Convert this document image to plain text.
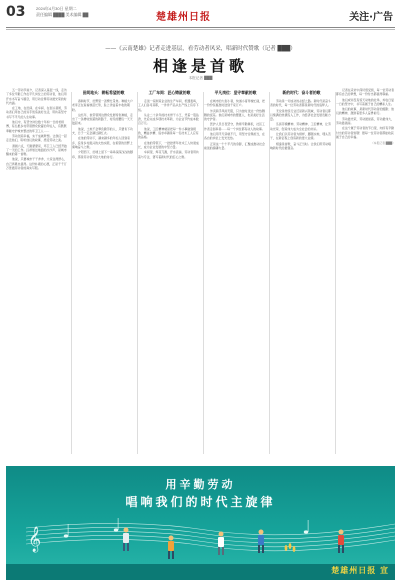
03	2024年4月30日 星期二
责任编辑 ████ 美术编辑 ██	楚雄州日报	关注·广告
——《云南楚雄》记者走进基层，看劳动者风采，唱新时代赞歌（记者 ███）
相逢是首歌
本报记者 ███
五一劳动节前夕，记者深入基层一线，走访了多位辛勤工作在平凡岗位上的劳动者，他们用汗水书写奋斗篇章，用行动诠释劳动最光荣的时代内涵。
在工地、在田间、在车间、在街头巷尾，劳动者们用自己的双手创造美好生活，用执着坚守书写不平凡的人生故事。
他们中，有坚守岗位数十年如一日的老师傅，有扎根乡村带领群众致富的年轻人，有默默奉献守护城市整洁的环卫工人……
劳动创造幸福，实干成就梦想。让我们一起走近他们，聆听他们的故事，感受劳动之美。
清晨六点，天刚蒙蒙亮，环卫工人已经开始了一天的工作。扫帚划过地面的沙沙声，是城市醒来的第一首歌。
他说，只要城市干干净净，大家住得舒心，自己再累也值得。这份朴素的心愿，正是千千万万普通劳动者的真实写照。
田间地头：耕耘希望的歌
春耕时节，田野里一派繁忙景象。种植大户老李正在查看秧苗长势，脸上洋溢着丰收的期盼。
这些年，他带领周边群众发展特色种植，走出了一条增收致富的新路子，村民的腰包一天天鼓起来。
他说，土地不会辜负勤劳的人，只要肯下功夫，日子一定会越过越红火。
在他的带动下，越来越多的年轻人回到家乡，投身乡村振兴的火热实践，在希望的田野上奏响奋斗之歌。
夕阳西下，田埂上留下一串串深深浅浅的脚印，那是劳动者写给大地的诗行。
工厂车间：匠心铸就的歌
走进一家制造企业的生产车间，机器轰鸣，工人们各司其职，一件件产品从生产线上有序下线。
从业二十余年的技术骨干小王，凭着一股钻劲，先后完成多项技术革新，为企业节约成本数百万元。
他说，工匠精神就是把每一件小事做到极致，精益求精、追求卓越是每一名技术工人应有的品格。
在他的带领下，一批批青年技术工人快速成长，成为企业发展的中坚力量。
车间里，焊花飞溅，汗水流淌，劳动者用执着与专注，谱写着新时代的匠心之歌。
平凡岗位：坚守奉献的歌
在城市的大街小巷，快递小哥穿梭忙碌，把一份份包裹准时送到千家万户。
外卖骑手风雨无阻，只为按时送达一份热腾腾的饭菜。他们是城市的摆渡人，也是美好生活的守护者。
医护人员日夜坚守，教师辛勤耕耘，社区工作者走街串巷……每一个岗位都有动人的故事。
他们用平凡铸就不凡，用坚守诠释担当，在各自的岗位上发光发热。
正是这一个个平凡的身影，汇聚成推动社会前进的磅礴力量。
新的时代：奋斗者的歌
劳动是一切成功的必经之路。新时代是奋斗者的时代，每一位劳动者都是新时代的追梦人。
无论是传统行业还是新兴领域，劳动者们都以饱满的热情投入工作，为经济社会发展贡献力量。
弘扬劳模精神、劳动精神、工匠精神，让劳动光荣、创造伟大成为全社会的共识。
让我们以劳动者为榜样，脚踏实地、埋头苦干，在新征程上创造新的更大业绩。
相逢是首歌，奋斗正当时。让我们用劳动唱响新时代的最强音。
记者在采访中深切感受到，每一位劳动者都有自己的梦想，每一份付出都值得尊重。
他们或许没有惊天动地的壮举，却在日复一日的坚守中，书写着属于自己的精彩人生。
他们的故事，是新时代劳动者的缩影；他们的精神，激励着更多人奋勇前行。
劳动最光荣，劳动最崇高，劳动最伟大，劳动最美丽。
在这个属于劳动者的节日里，向所有辛勤付出的劳动者致敬！愿每一位劳动者都能收获属于自己的幸福。
（本报记者 ███）
𝄞
用辛勤劳动
唱响我们的时代主旋律
楚雄州日报 宣
